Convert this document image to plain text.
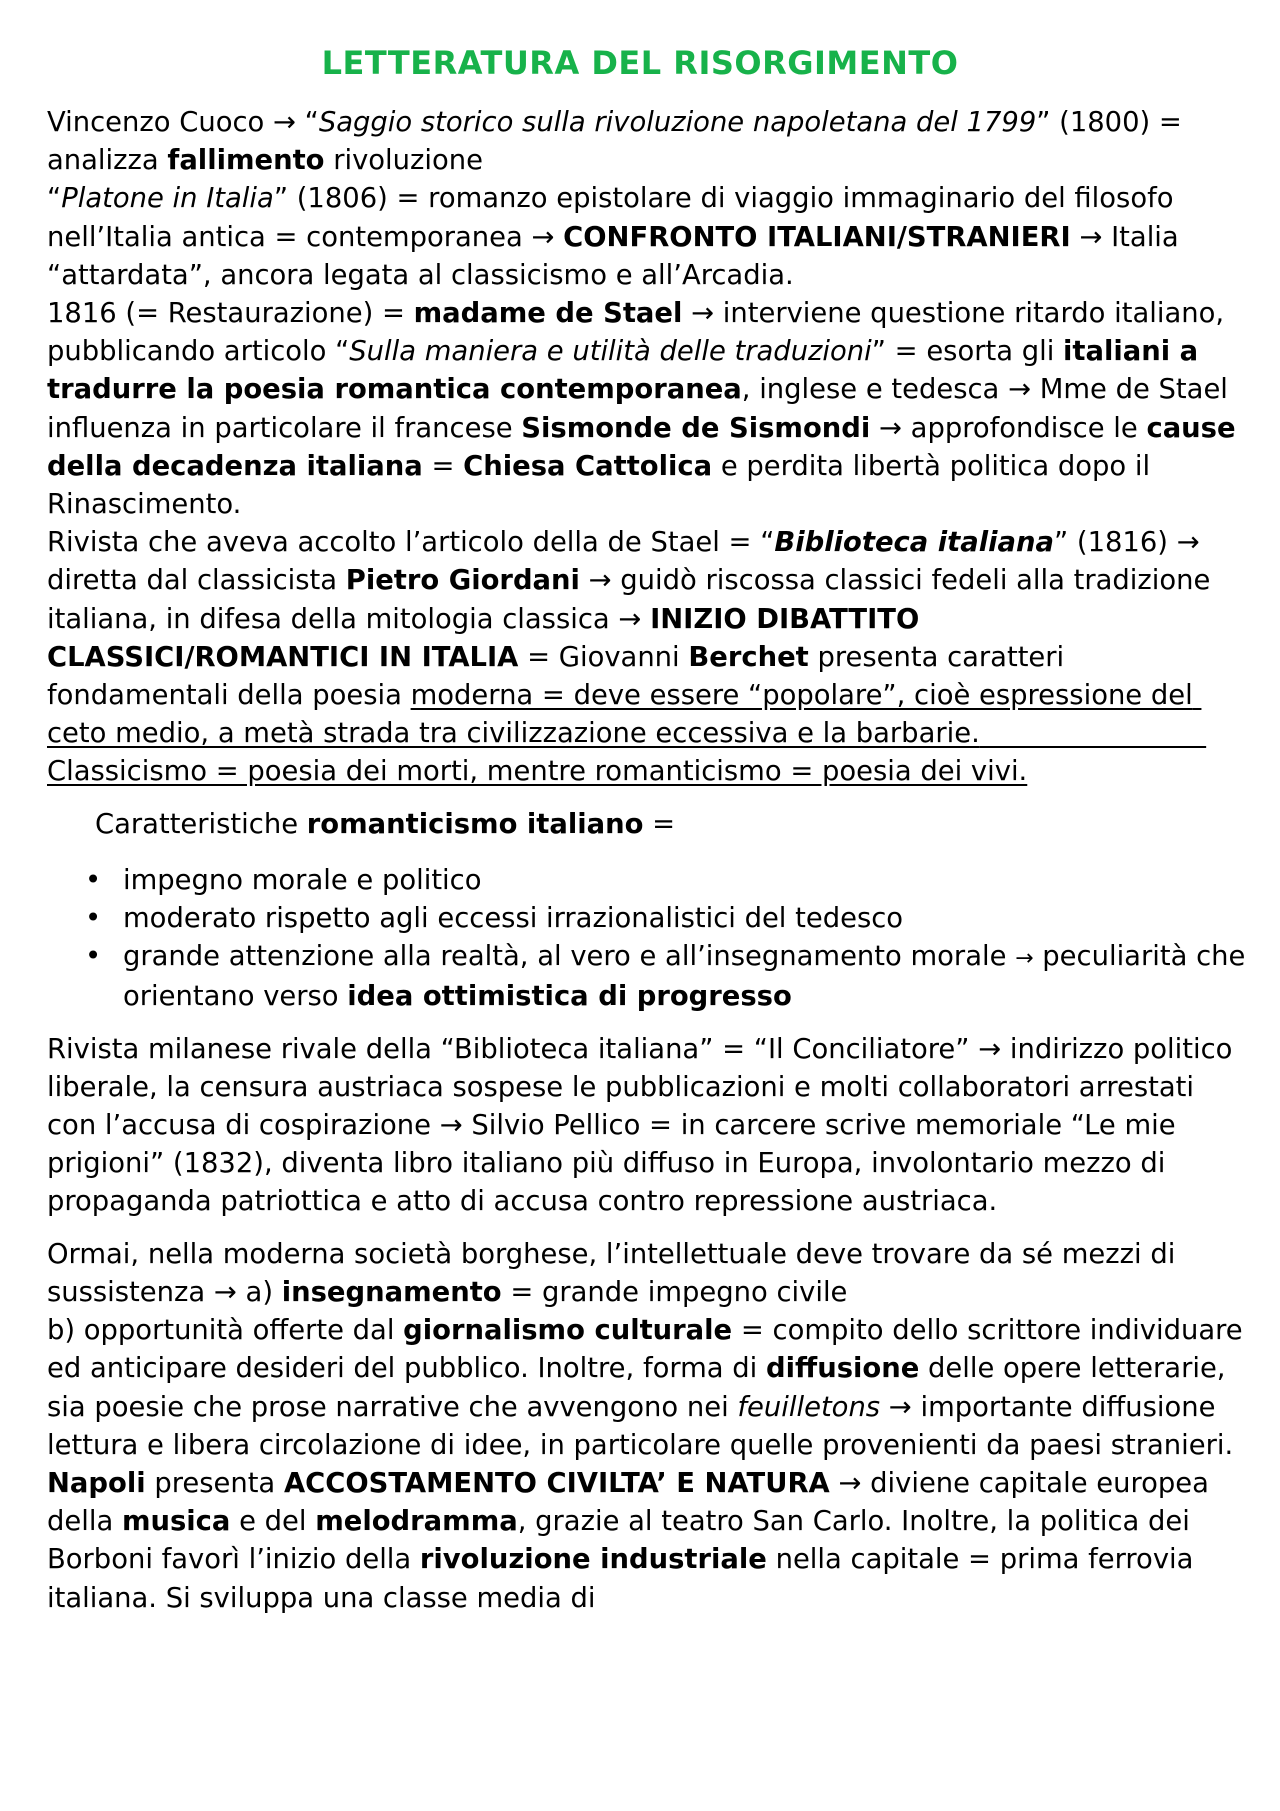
LETTERATURA DEL RISORGIMENTO

Vincenzo Cuoco → “Saggio storico sulla rivoluzione napoletana del 1799” (1800) = analizza fallimento rivoluzione

“Platone in Italia” (1806) = romanzo epistolare di viaggio immaginario del filosofo nell’Italia antica = contemporanea → CONFRONTO ITALIANI/STRANIERI → Italia “attardata”, ancora legata al classicismo e all’Arcadia.

1816 (= Restaurazione) = madame de Stael → interviene questione ritardo italiano, pubblicando articolo “Sulla maniera e utilità delle traduzioni” = esorta gli italiani a tradurre la poesia romantica contemporanea, inglese e tedesca → Mme de Stael influenza in particolare il francese Sismonde de Sismondi → approfondisce le cause della decadenza italiana = Chiesa Cattolica e perdita libertà politica dopo il Rinascimento.

Rivista che aveva accolto l’articolo della de Stael = “Biblioteca italiana” (1816) → diretta dal classicista Pietro Giordani → guidò riscossa classici fedeli alla tradizione italiana, in difesa della mitologia classica → INIZIO DIBATTITO CLASSICI/ROMANTICI IN ITALIA = Giovanni Berchet presenta caratteri fondamentali della poesia moderna = deve essere “popolare”, cioè espressione del ceto medio, a metà strada tra civilizzazione eccessiva e la barbarie.                          Classicismo = poesia dei morti, mentre romanticismo = poesia dei vivi.

Caratteristiche romanticismo italiano =

• impegno morale e politico
• moderato rispetto agli eccessi irrazionalistici del tedesco
• grande attenzione alla realtà, al vero e all’insegnamento morale → peculiarità che orientano verso idea ottimistica di progresso

Rivista milanese rivale della “Biblioteca italiana” = “Il Conciliatore” → indirizzo politico liberale, la censura austriaca sospese le pubblicazioni e molti collaboratori arrestati con l’accusa di cospirazione → Silvio Pellico = in carcere scrive memoriale “Le mie prigioni” (1832), diventa libro italiano più diffuso in Europa, involontario mezzo di propaganda patriottica e atto di accusa contro repressione austriaca.

Ormai, nella moderna società borghese, l’intellettuale deve trovare da sé mezzi di sussistenza → a) insegnamento = grande impegno civile

b) opportunità offerte dal giornalismo culturale = compito dello scrittore individuare ed anticipare desideri del pubblico. Inoltre, forma di diffusione delle opere letterarie, sia poesie che prose narrative che avvengono nei feuilletons → importante diffusione lettura e libera circolazione di idee, in particolare quelle provenienti da paesi stranieri.

Napoli presenta ACCOSTAMENTO CIVILTA’ E NATURA → diviene capitale europea della musica e del melodramma, grazie al teatro San Carlo. Inoltre, la politica dei Borboni favorì l’inizio della rivoluzione industriale nella capitale = prima ferrovia italiana. Si sviluppa una classe media di
